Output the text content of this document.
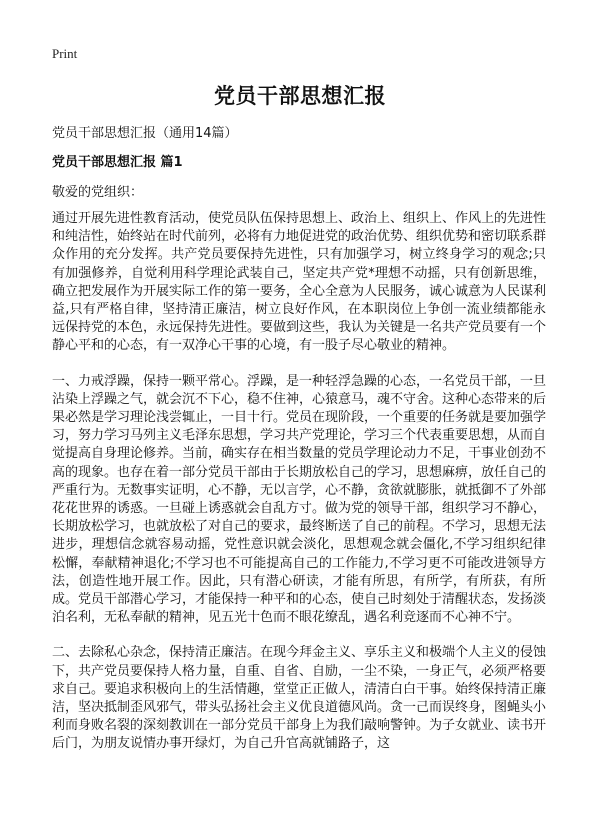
Print
党员干部思想汇报
党员干部思想汇报（通用14篇）
党员干部思想汇报 篇1
敬爱的党组织：

通过开展先进性教育活动，使党员队伍保持思想上、政治上、组织上、作风上的先进性和纯洁性，始终站在时代前列，必将有力地促进党的政治优势、组织优势和密切联系群众作用的充分发挥。共产党员要保持先进性，只有加强学习，树立终身学习的观念;只有加强修养，自觉利用科学理论武装自己，坚定共产党*理想不动摇，只有创新思维，确立把发展作为开展实际工作的第一要务，全心全意为人民服务，诚心诚意为人民谋利益,只有严格自律，坚持清正廉洁，树立良好作风，在本职岗位上争创一流业绩都能永远保持党的本色，永远保持先进性。要做到这些，我认为关键是一名共产党员要有一个静心平和的心态，有一双净心干事的心境，有一股子尽心敬业的精神。

一、力戒浮躁，保持一颗平常心。浮躁，是一种轻浮急躁的心态，一名党员干部，一旦沾染上浮躁之气，就会沉不下心，稳不住神，心猿意马，魂不守舍。这种心态带来的后果必然是学习理论浅尝辄止，一目十行。党员在现阶段，一个重要的任务就是要加强学习，努力学习马列主义毛泽东思想，学习共产党理论，学习三个代表重要思想，从而自觉提高自身理论修养。当前，确实存在相当数量的党员学理论动力不足，干事业创劲不高的现象。也存在着一部分党员干部由于长期放松自己的学习，思想麻痹，放任自己的严重行为。无数事实证明，心不静，无以言学，心不静，贪欲就膨胀，就抵御不了外部花花世界的诱惑。一旦碰上诱惑就会自乱方寸。做为党的领导干部，组织学习不静心，长期放松学习，也就放松了对自己的要求，最终断送了自己的前程。不学习，思想无法进步，理想信念就容易动摇，党性意识就会淡化，思想观念就会僵化,不学习组织纪律松懈，奉献精神退化;不学习也不可能提高自己的工作能力,不学习更不可能改进领导方法，创造性地开展工作。因此，只有潜心研读，才能有所思，有所学，有所获，有所成。党员干部潜心学习，才能保持一种平和的心态，使自己时刻处于清醒状态，发扬淡泊名利，无私奉献的精神，见五光十色而不眼花缭乱，遇名利竞逐而不心神不宁。

二、去除私心杂念，保持清正廉洁。在现今拜金主义、享乐主义和极端个人主义的侵蚀下，共产党员要保持人格力量，自重、自省、自励，一尘不染，一身正气，必须严格要求自己。要追求积极向上的生活情趣，堂堂正正做人，清清白白干事。始终保持清正廉洁，坚决抵制歪风邪气，带头弘扬社会主义优良道德风尚。贪一己而误终身，图蝇头小利而身败名裂的深刻教训在一部分党员干部身上为我们敲响警钟。为子女就业、读书开后门，为朋友说情办事开绿灯，为自己升官高就铺路子，这
